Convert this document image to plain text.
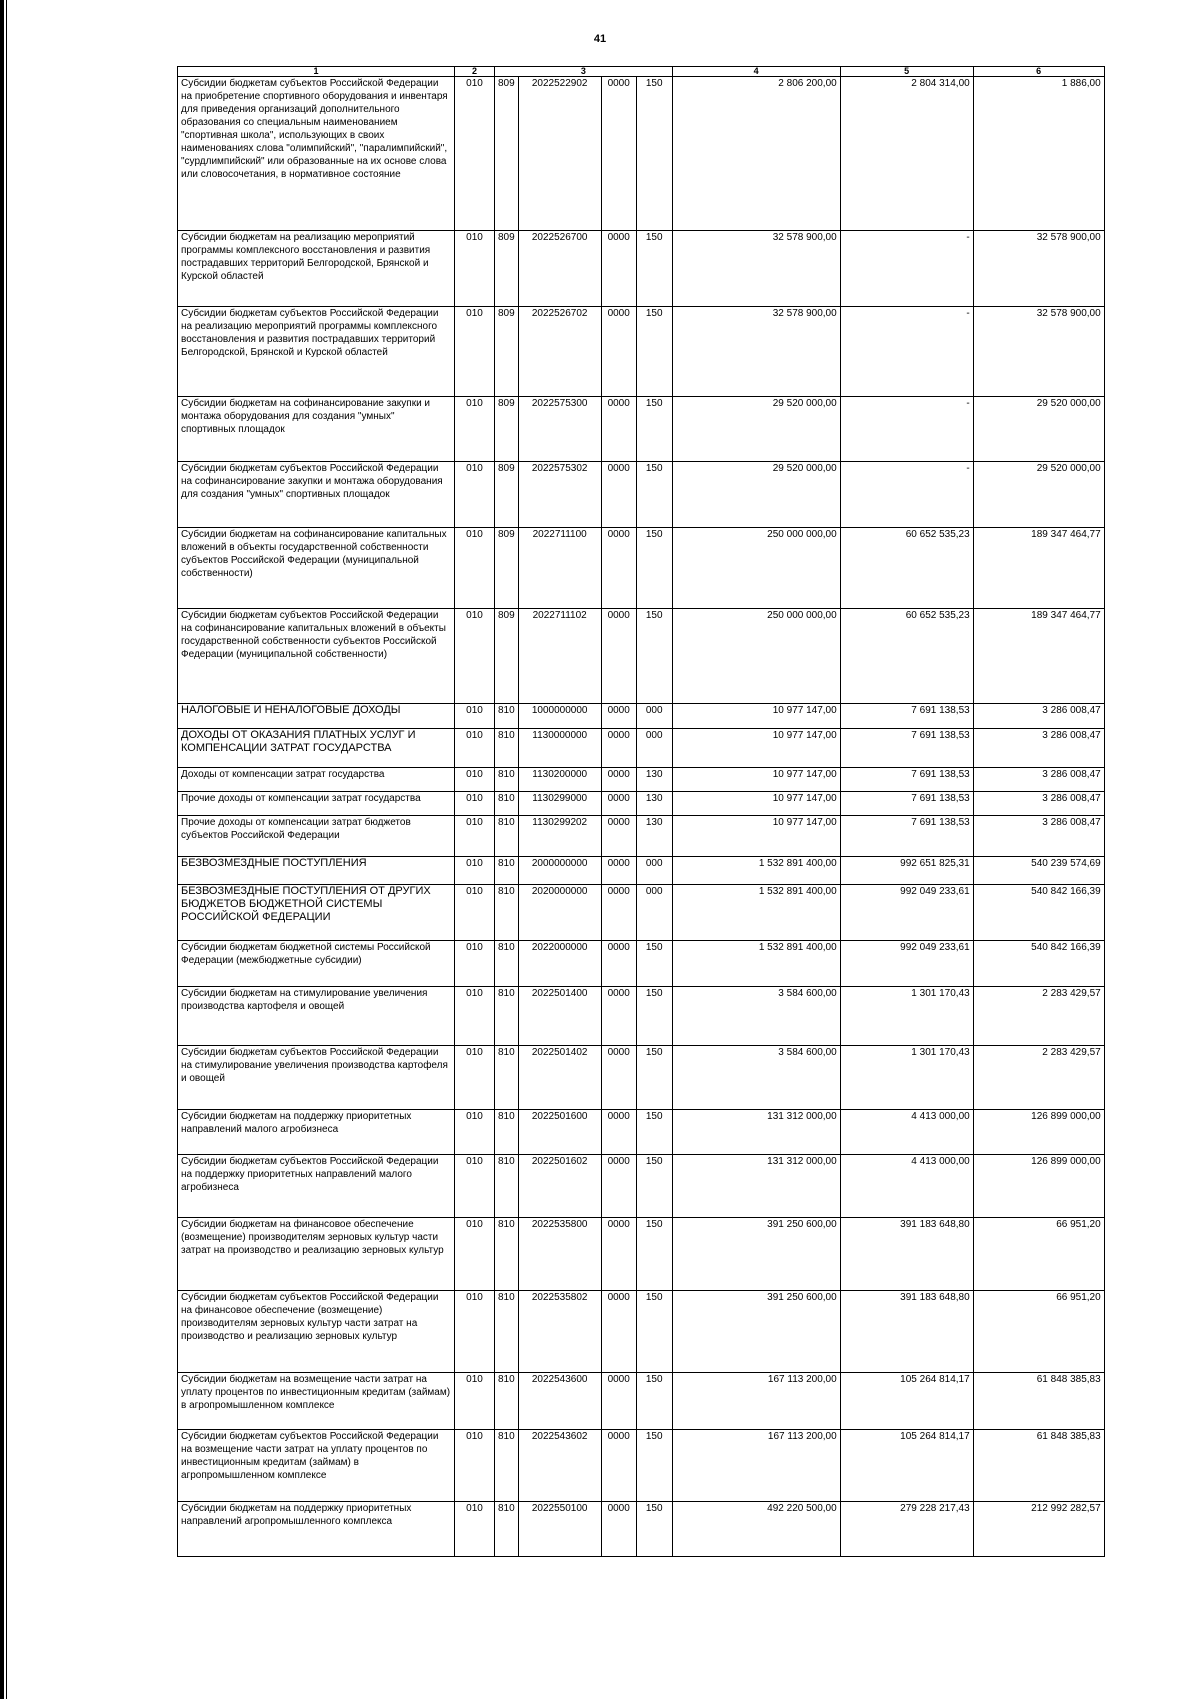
41
1	2	3				4	5	6
Субсидии бюджетам субъектов Российской Федерации на приобретение спортивного оборудования и инвентаря для приведения организаций дополнительного образования со специальным наименованием "спортивная школа", использующих в своих наименованиях слова "олимпийский", "паралимпийский", "сурдлимпийский" или образованные на их основе слова или словосочетания, в нормативное состояние	010	809	2022522902	0000	150	2 806 200,00	2 804 314,00	1 886,00
Субсидии бюджетам на реализацию мероприятий программы комплексного восстановления и развития пострадавших территорий Белгородской, Брянской и Курской областей	010	809	2022526700	0000	150	32 578 900,00	-	32 578 900,00
Субсидии бюджетам субъектов Российской Федерации на реализацию мероприятий программы комплексного восстановления и развития пострадавших территорий Белгородской, Брянской и Курской областей	010	809	2022526702	0000	150	32 578 900,00	-	32 578 900,00
Субсидии бюджетам на софинансирование закупки и монтажа оборудования для создания "умных" спортивных площадок	010	809	2022575300	0000	150	29 520 000,00	-	29 520 000,00
Субсидии бюджетам субъектов Российской Федерации на софинансирование закупки и монтажа оборудования для создания "умных" спортивных площадок	010	809	2022575302	0000	150	29 520 000,00	-	29 520 000,00
Субсидии бюджетам на софинансирование капитальных вложений в объекты государственной собственности субъектов Российской Федерации (муниципальной собственности)	010	809	2022711100	0000	150	250 000 000,00	60 652 535,23	189 347 464,77
Субсидии бюджетам субъектов Российской Федерации на софинансирование капитальных вложений в объекты государственной собственности субъектов Российской Федерации (муниципальной собственности)	010	809	2022711102	0000	150	250 000 000,00	60 652 535,23	189 347 464,77
НАЛОГОВЫЕ И НЕНАЛОГОВЫЕ ДОХОДЫ	010	810	1000000000	0000	000	10 977 147,00	7 691 138,53	3 286 008,47
ДОХОДЫ ОТ ОКАЗАНИЯ ПЛАТНЫХ УСЛУГ И КОМПЕНСАЦИИ ЗАТРАТ ГОСУДАРСТВА	010	810	1130000000	0000	000	10 977 147,00	7 691 138,53	3 286 008,47
Доходы от компенсации затрат государства	010	810	1130200000	0000	130	10 977 147,00	7 691 138,53	3 286 008,47
Прочие доходы от компенсации затрат государства	010	810	1130299000	0000	130	10 977 147,00	7 691 138,53	3 286 008,47
Прочие доходы от компенсации затрат бюджетов субъектов Российской Федерации	010	810	1130299202	0000	130	10 977 147,00	7 691 138,53	3 286 008,47
БЕЗВОЗМЕЗДНЫЕ ПОСТУПЛЕНИЯ	010	810	2000000000	0000	000	1 532 891 400,00	992 651 825,31	540 239 574,69
БЕЗВОЗМЕЗДНЫЕ ПОСТУПЛЕНИЯ ОТ ДРУГИХ БЮДЖЕТОВ БЮДЖЕТНОЙ СИСТЕМЫ РОССИЙСКОЙ ФЕДЕРАЦИИ	010	810	2020000000	0000	000	1 532 891 400,00	992 049 233,61	540 842 166,39
Субсидии бюджетам бюджетной системы Российской Федерации (межбюджетные субсидии)	010	810	2022000000	0000	150	1 532 891 400,00	992 049 233,61	540 842 166,39
Субсидии бюджетам на стимулирование увеличения производства картофеля и овощей	010	810	2022501400	0000	150	3 584 600,00	1 301 170,43	2 283 429,57
Субсидии бюджетам субъектов Российской Федерации на стимулирование увеличения производства картофеля и овощей	010	810	2022501402	0000	150	3 584 600,00	1 301 170,43	2 283 429,57
Субсидии бюджетам на поддержку приоритетных направлений малого агробизнеса	010	810	2022501600	0000	150	131 312 000,00	4 413 000,00	126 899 000,00
Субсидии бюджетам субъектов Российской Федерации на поддержку приоритетных направлений малого агробизнеса	010	810	2022501602	0000	150	131 312 000,00	4 413 000,00	126 899 000,00
Субсидии бюджетам на финансовое обеспечение (возмещение) производителям зерновых культур части затрат на производство и реализацию зерновых культур	010	810	2022535800	0000	150	391 250 600,00	391 183 648,80	66 951,20
Субсидии бюджетам субъектов Российской Федерации на финансовое обеспечение (возмещение) производителям зерновых культур части затрат на производство и реализацию зерновых культур	010	810	2022535802	0000	150	391 250 600,00	391 183 648,80	66 951,20
Субсидии бюджетам на возмещение части затрат на уплату процентов по инвестиционным кредитам (займам) в агропромышленном комплексе	010	810	2022543600	0000	150	167 113 200,00	105 264 814,17	61 848 385,83
Субсидии бюджетам субъектов Российской Федерации на возмещение части затрат на уплату процентов по инвестиционным кредитам (займам) в агропромышленном комплексе	010	810	2022543602	0000	150	167 113 200,00	105 264 814,17	61 848 385,83
Субсидии бюджетам на поддержку приоритетных направлений агропромышленного комплекса	010	810	2022550100	0000	150	492 220 500,00	279 228 217,43	212 992 282,57
